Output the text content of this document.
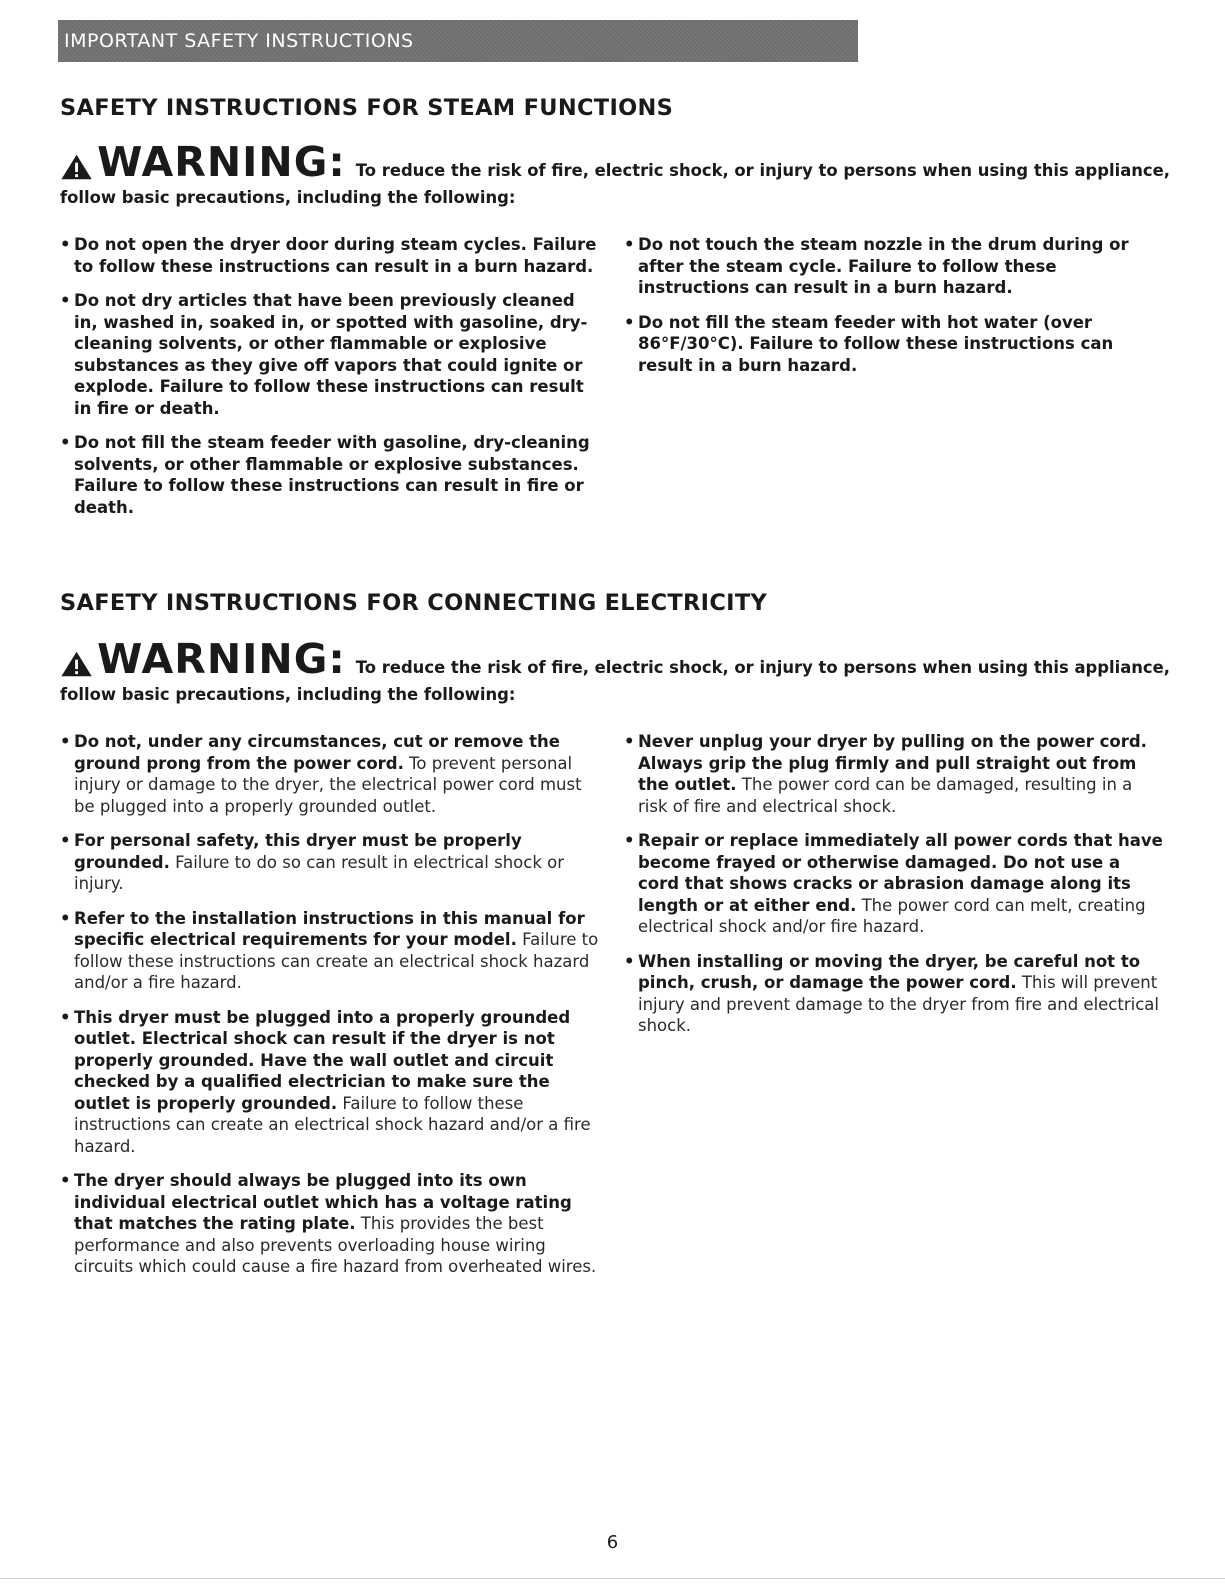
IMPORTANT SAFETY INSTRUCTIONS
SAFETY INSTRUCTIONS FOR STEAM FUNCTIONS
WARNING: To reduce the risk of fire, electric shock, or injury to persons when using this appliance,
follow basic precautions, including the following:
• Do not open the dryer door during steam cycles. Failure to follow these instructions can result in a burn hazard.
• Do not dry articles that have been previously cleaned in, washed in, soaked in, or spotted with gasoline, dry-cleaning solvents, or other flammable or explosive substances as they give off vapors that could ignite or explode. Failure to follow these instructions can result in fire or death.
• Do not fill the steam feeder with gasoline, dry-cleaning solvents, or other flammable or explosive substances. Failure to follow these instructions can result in fire or death.
• Do not touch the steam nozzle in the drum during or after the steam cycle. Failure to follow these instructions can result in a burn hazard.
• Do not fill the steam feeder with hot water (over 86°F/30°C). Failure to follow these instructions can result in a burn hazard.
SAFETY INSTRUCTIONS FOR CONNECTING ELECTRICITY
WARNING: To reduce the risk of fire, electric shock, or injury to persons when using this appliance,
follow basic precautions, including the following:
• Do not, under any circumstances, cut or remove the ground prong from the power cord. To prevent personal injury or damage to the dryer, the electrical power cord must be plugged into a properly grounded outlet.
• For personal safety, this dryer must be properly grounded. Failure to do so can result in electrical shock or injury.
• Refer to the installation instructions in this manual for specific electrical requirements for your model. Failure to follow these instructions can create an electrical shock hazard and/or a fire hazard.
• This dryer must be plugged into a properly grounded outlet. Electrical shock can result if the dryer is not properly grounded. Have the wall outlet and circuit checked by a qualified electrician to make sure the outlet is properly grounded. Failure to follow these instructions can create an electrical shock hazard and/or a fire hazard.
• The dryer should always be plugged into its own individual electrical outlet which has a voltage rating that matches the rating plate. This provides the best performance and also prevents overloading house wiring circuits which could cause a fire hazard from overheated wires.
• Never unplug your dryer by pulling on the power cord. Always grip the plug firmly and pull straight out from the outlet. The power cord can be damaged, resulting in a risk of fire and electrical shock.
• Repair or replace immediately all power cords that have become frayed or otherwise damaged. Do not use a cord that shows cracks or abrasion damage along its length or at either end. The power cord can melt, creating electrical shock and/or fire hazard.
• When installing or moving the dryer, be careful not to pinch, crush, or damage the power cord. This will prevent injury and prevent damage to the dryer from fire and electrical shock.
6
